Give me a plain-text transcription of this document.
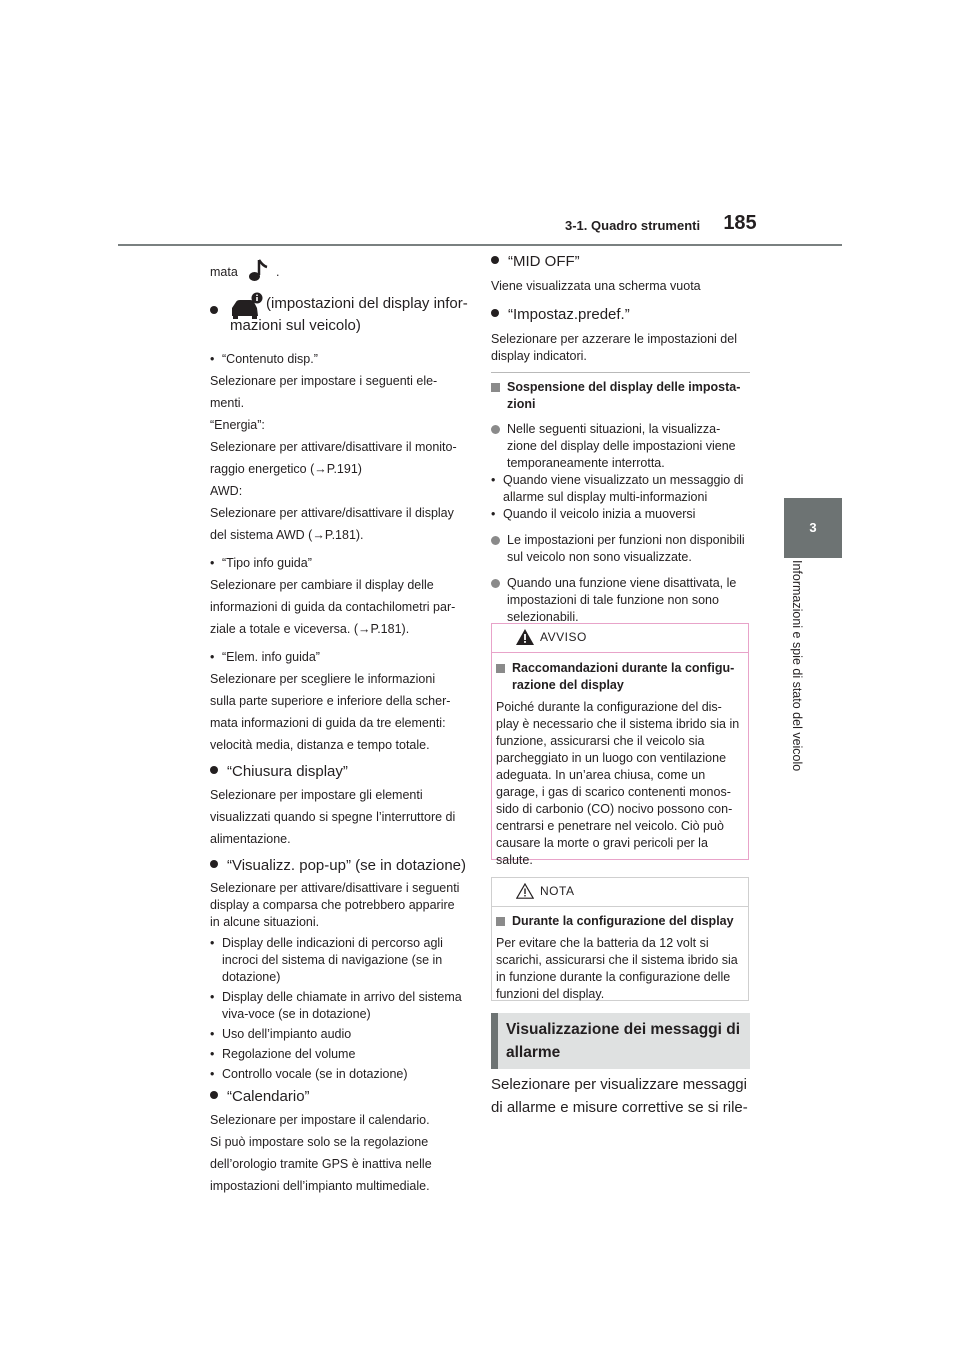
3-1. Quadro strumenti	185
3
Informazioni e spie di stato del veicolo
mata	.
(impostazioni del display infor-
mazioni sul veicolo)
• “Contenuto disp.”
Selezionare per impostare i seguenti ele-
menti.
“Energia”:
Selezionare per attivare/disattivare il monito-
raggio energetico (→P.191)
AWD:
Selezionare per attivare/disattivare il display
del sistema AWD (→P.181).
• “Tipo info guida”
Selezionare per cambiare il display delle
informazioni di guida da contachilometri par-
ziale a totale e viceversa. (→P.181).
• “Elem. info guida”
Selezionare per scegliere le informazioni
sulla parte superiore e inferiore della scher-
mata informazioni di guida da tre elementi:
velocità media, distanza e tempo totale.
“Chiusura display”
Selezionare per impostare gli elementi
visualizzati quando si spegne l’interruttore di
alimentazione.
“Visualizz. pop-up” (se in dotazione)
Selezionare per attivare/disattivare i seguenti display a comparsa che potrebbero apparire in alcune situazioni.
• Display delle indicazioni di percorso agli incroci del sistema di navigazione (se in dotazione)
• Display delle chiamate in arrivo del sistema viva-voce (se in dotazione)
• Uso dell’impianto audio
• Regolazione del volume
• Controllo vocale (se in dotazione)
“Calendario”
Selezionare per impostare il calendario.
Si può impostare solo se la regolazione
dell’orologio tramite GPS è inattiva nelle
impostazioni dell’impianto multimediale.
“MID OFF”
Viene visualizzata una scherma vuota
“Impostaz.predef.”
Selezionare per azzerare le impostazioni del display indicatori.
Sospensione del display delle imposta-zioni
Nelle seguenti situazioni, la visualizza-zione del display delle impostazioni viene temporaneamente interrotta.
• Quando viene visualizzato un messaggio di allarme sul display multi-informazioni
• Quando il veicolo inizia a muoversi
Le impostazioni per funzioni non disponibili sul veicolo non sono visualizzate.
Quando una funzione viene disattivata, le impostazioni di tale funzione non sono selezionabili.
AVVISO
Raccomandazioni durante la configu-razione del display
Poiché durante la configurazione del dis-play è necessario che il sistema ibrido sia in funzione, assicurarsi che il veicolo sia parcheggiato in un luogo con ventilazione adeguata. In un’area chiusa, come un garage, i gas di scarico contenenti monos-sido di carbonio (CO) nocivo possono con-centrarsi e penetrare nel veicolo. Ciò può causare la morte o gravi pericoli per la salute.
NOTA
Durante la configurazione del display
Per evitare che la batteria da 12 volt si scarichi, assicurarsi che il sistema ibrido sia in funzione durante la configurazione delle funzioni del display.
Visualizzazione dei messaggi di allarme
Selezionare per visualizzare messaggi
di allarme e misure correttive se si rile-
